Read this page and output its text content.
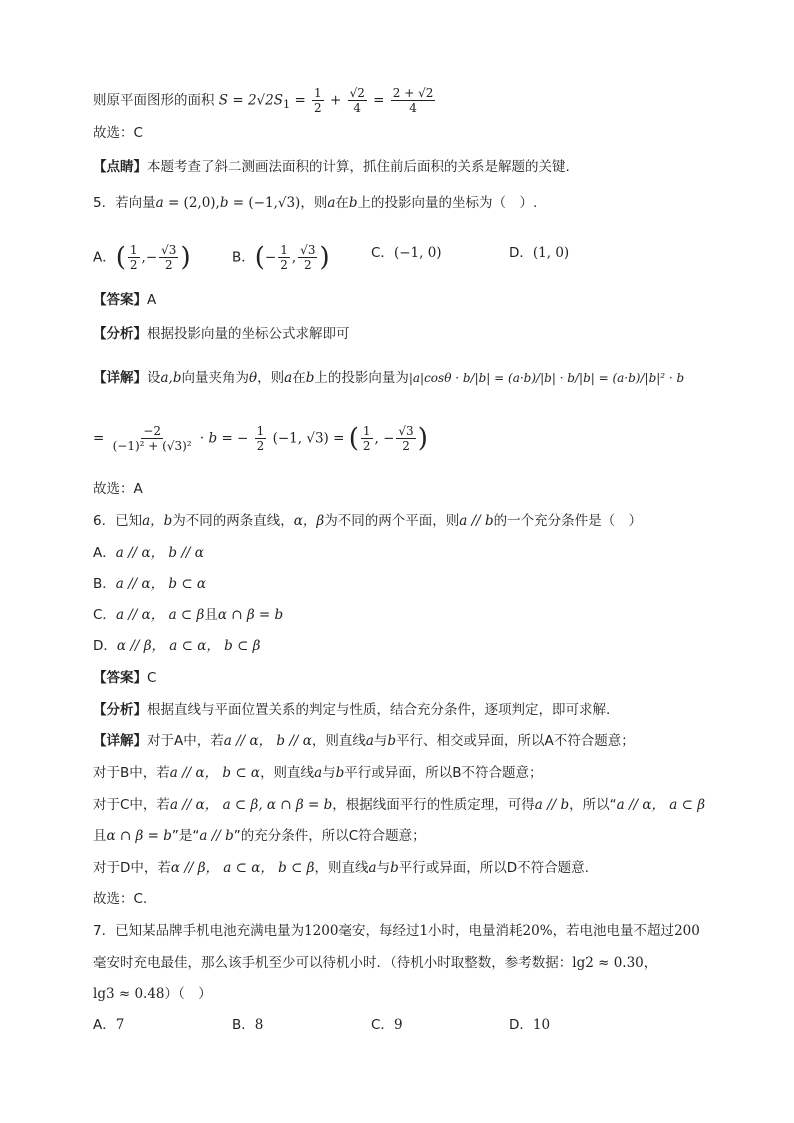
则原平面图形的面积 $S = 2√2S_1 = \frac{1}{2} + \frac{√2}{4} = \frac{2 + √2}{4}$
故选：C
【点睛】本题考查了斜二测画法面积的计算，抓住前后面积的关系是解题的关键.
5．若向量a = (2,0),b = (−1,√3)，则a在b上的投影向量的坐标为（　）.
A．( $\frac{1}{2}$ ,− $\frac{√3}{2}$ )	B．(− $\frac{1}{2}$ , $\frac{√3}{2}$ )	C．(−1, 0)	D．(1, 0)
【答案】A
【分析】根据投影向量的坐标公式求解即可
【详解】设a,b向量夹角为θ，则a在b上的投影向量为|a|cosθ · b/|b| = (a·b)/|b| · b/|b| = (a·b)/|b|² · b
= $\frac{-2}{\text{(−1)² + (√3)²}} \cdot b$ = − $\frac{1}{2} (-1$, √3) = ( $\frac{1}{2}$ , − $\frac{√3}{2}$ )
故选：A
6．已知a，b为不同的两条直线，α，β为不同的两个平面，则a // b的一个充分条件是（　）
A．a // α， b // α
B．a // α， b ⊂ α
C．a // α， a ⊂ β且α ∩ β = b
D．α // β， a ⊂ α， b ⊂ β
【答案】C
【分析】根据直线与平面位置关系的判定与性质，结合充分条件，逐项判定，即可求解.
【详解】对于A中，若a // α， b // α，则直线a与b平行、相交或异面，所以A不符合题意；
对于B中，若a // α， b ⊂ α，则直线a与b平行或异面，所以B不符合题意；
对于C中，若a // α， a ⊂ β, α ∩ β = b，根据线面平行的性质定理，可得a // b，所以“a // α， a ⊂ β
且α ∩ β = b”是“a // b”的充分条件，所以C符合题意；
对于D中，若α // β， a ⊂ α， b ⊂ β，则直线a与b平行或异面，所以D不符合题意.
故选：C.
7．已知某品牌手机电池充满电量为1200毫安，每经过1小时，电量消耗20%，若电池电量不超过200
毫安时充电最佳，那么该手机至少可以待机小时．（待机小时取整数，参考数据：lg2 ≈ 0.30，
lg3 ≈ 0.48）（　）
A．7	B．8	C．9	D．10
